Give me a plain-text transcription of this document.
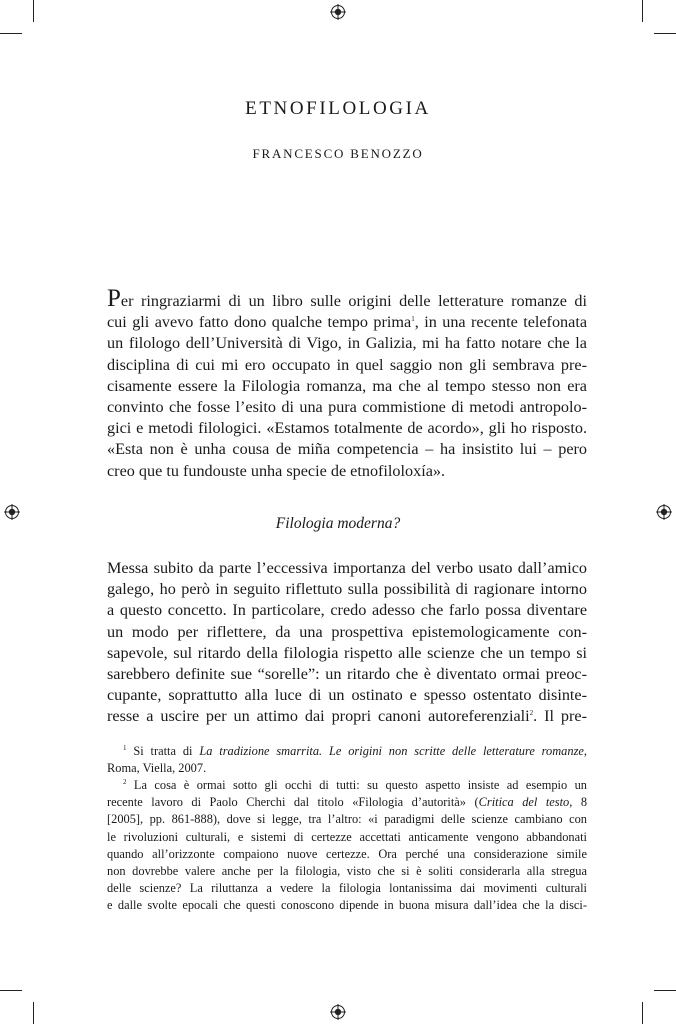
ETNOFILOLOGIA

FRANCESCO BENOZZO

Per ringraziarmi di un libro sulle origini delle letterature romanze di
cui gli avevo fatto dono qualche tempo prima$^1$, in una recente telefonata
un filologo dell’Università di Vigo, in Galizia, mi ha fatto notare che la
disciplina di cui mi ero occupato in quel saggio non gli sembrava pre-
cisamente essere la Filologia romanza, ma che al tempo stesso non era
convinto che fosse l’esito di una pura commistione di metodi antropolo-
gici e metodi filologici. «Estamos totalmente de acordo», gli ho risposto.
«Esta non è unha cousa de miña competencia – ha insistito lui – pero
creo que tu fundouste unha specie de etnofiloloxía».
Filologia moderna?
Messa subito da parte l’eccessiva importanza del verbo usato dall’amico
galego, ho però in seguito riflettuto sulla possibilità di ragionare intorno
a questo concetto. In particolare, credo adesso che farlo possa diventare
un modo per riflettere, da una prospettiva epistemologicamente con-
sapevole, sul ritardo della filologia rispetto alle scienze che un tempo si
sarebbero definite sue “sorelle”: un ritardo che è diventato ormai preoc-
cupante, soprattutto alla luce di un ostinato e spesso ostentato disinte-
resse a uscire per un attimo dai propri canoni autoreferenziali$^2$. Il pre-
$^1$ Si tratta di La tradizione smarrita. Le origini non scritte delle letterature romanze,
Roma, Viella, 2007.
$^2$ La cosa è ormai sotto gli occhi di tutti: su questo aspetto insiste ad esempio un
recente lavoro di Paolo Cherchi dal titolo «Filologia d’autorità» (Critica del testo, 8
[2005], pp. 861-888), dove si legge, tra l’altro: «i paradigmi delle scienze cambiano con
le rivoluzioni culturali, e sistemi di certezze accettati anticamente vengono abbandonati
quando all’orizzonte compaiono nuove certezze. Ora perché una considerazione simile
non dovrebbe valere anche per la filologia, visto che si è soliti considerarla alla stregua
delle scienze? La riluttanza a vedere la filologia lontanissima dai movimenti culturali
e dalle svolte epocali che questi conoscono dipende in buona misura dall’idea che la disci-
